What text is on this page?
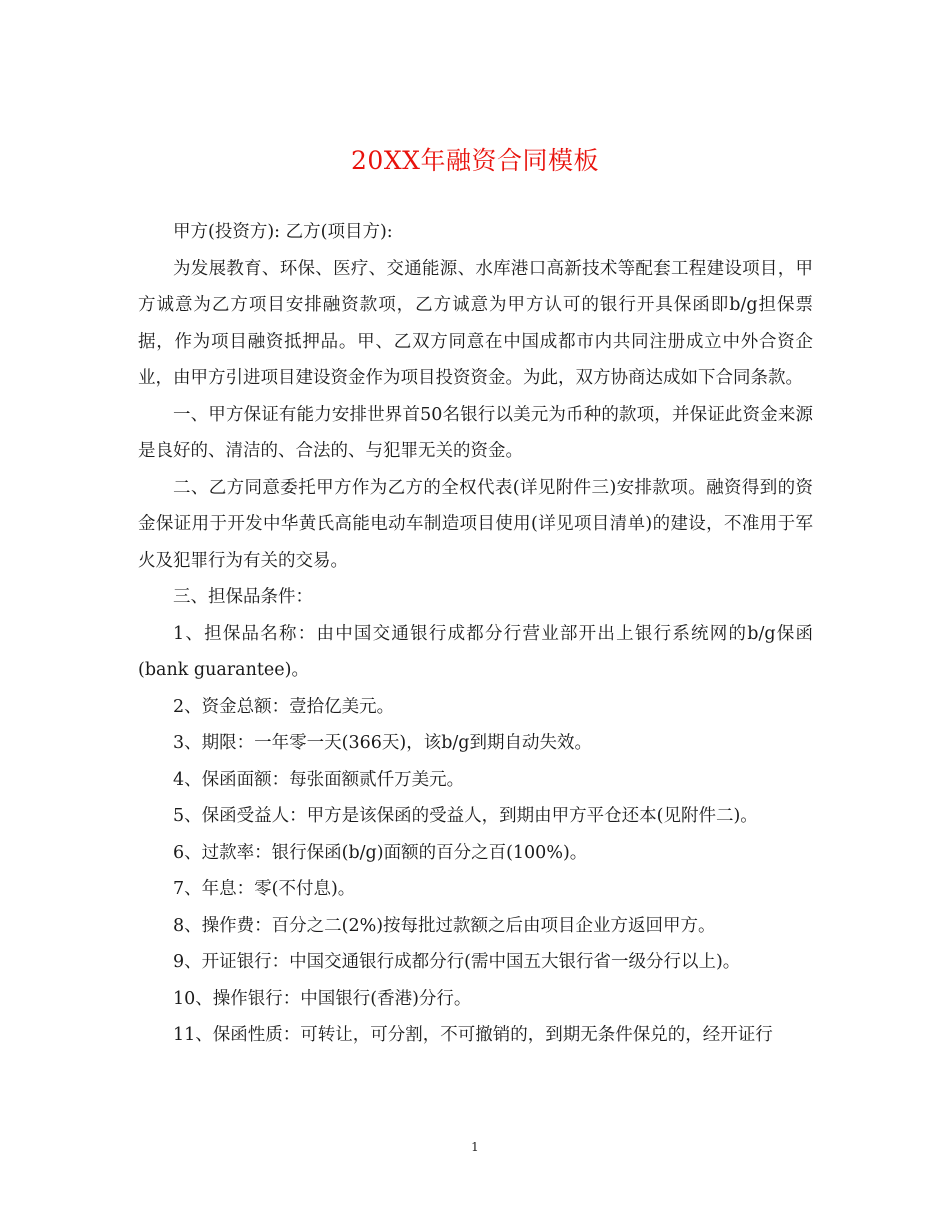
20XX年融资合同模板

甲方(投资方): 乙方(项目方):

为发展教育、环保、医疗、交通能源、水库港口高新技术等配套工程建设项目，甲方诚意为乙方项目安排融资款项，乙方诚意为甲方认可的银行开具保函即b/g担保票据，作为项目融资抵押品。甲、乙双方同意在中国成都市内共同注册成立中外合资企业，由甲方引进项目建设资金作为项目投资资金。为此，双方协商达成如下合同条款。

一、甲方保证有能力安排世界首50名银行以美元为币种的款项，并保证此资金来源是良好的、清洁的、合法的、与犯罪无关的资金。

二、乙方同意委托甲方作为乙方的全权代表(详见附件三)安排款项。融资得到的资金保证用于开发中华黄氏高能电动车制造项目使用(详见项目清单)的建设，不准用于军火及犯罪行为有关的交易。

三、担保品条件：

1、担保品名称：由中国交通银行成都分行营业部开出上银行系统网的b/g保函(bank guarantee)。

2、资金总额：壹拾亿美元。

3、期限：一年零一天(366天)，该b/g到期自动失效。

4、保函面额：每张面额贰仟万美元。

5、保函受益人：甲方是该保函的受益人，到期由甲方平仓还本(见附件二)。

6、过款率：银行保函(b/g)面额的百分之百(100%)。

7、年息：零(不付息)。

8、操作费：百分之二(2%)按每批过款额之后由项目企业方返回甲方。

9、开证银行：中国交通银行成都分行(需中国五大银行省一级分行以上)。

10、操作银行：中国银行(香港)分行。

11、保函性质：可转让，可分割，不可撤销的，到期无条件保兑的，经开证行

1
